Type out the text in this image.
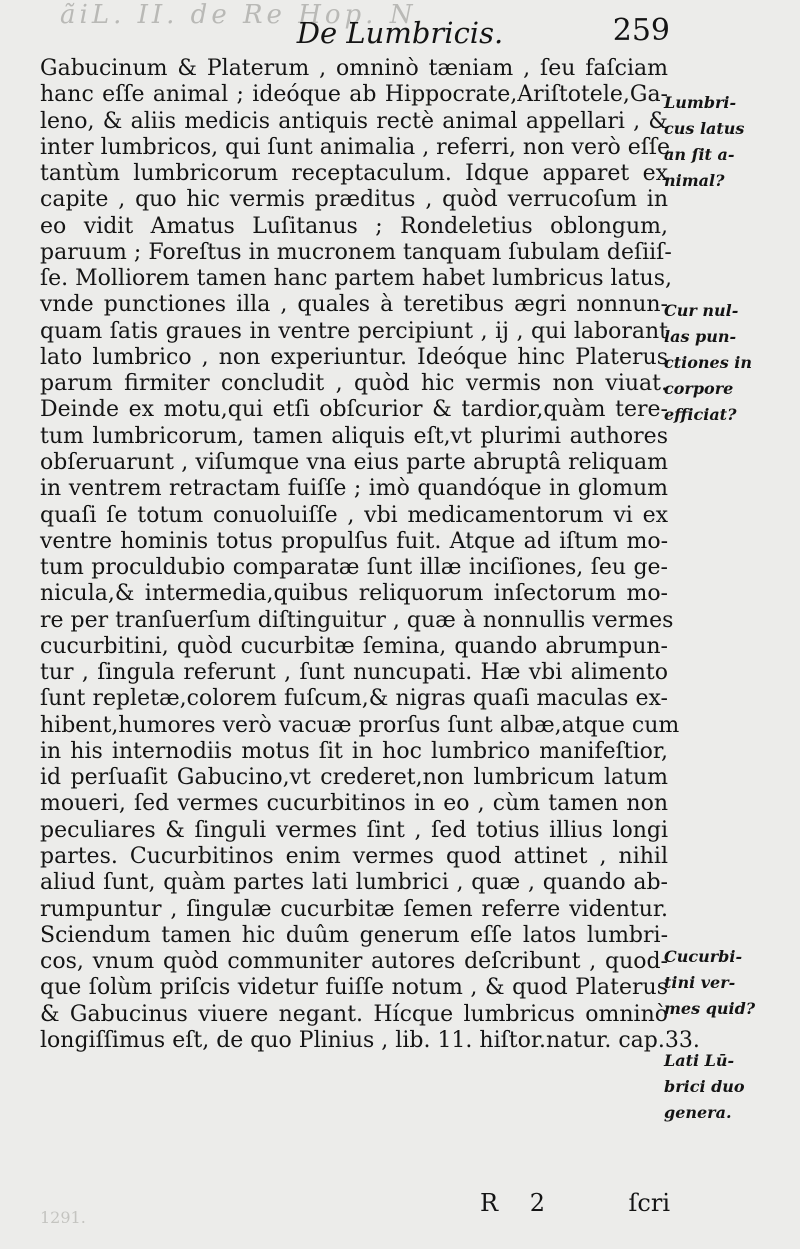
ãiL. II. de Re Hop. N.
De Lumbricis.	259
Gabucinum & Platerum , omninò tæniam , ſeu faſciam
hanc eſſe animal ; ideóque ab Hippocrate,Ariſtotele,Ga-
leno, & aliis medicis antiquis rectè animal appellari , &
inter lumbricos, qui ſunt animalia , referri, non verò eſſe
tantùm lumbricorum receptaculum. Idque apparet ex
capite , quo hic vermis præditus , quòd verrucoſum in
eo vidit Amatus Luſitanus ; Rondeletius oblongum,
paruum ; Foreſtus in mucronem tanquam ſubulam deſiiſ-
ſe. Molliorem tamen hanc partem habet lumbricus latus,
vnde punctiones illa , quales à teretibus ægri nonnun-
quam ſatis graues in ventre percipiunt , ij , qui laborant
lato lumbrico , non experiuntur. Ideóque hinc Platerus
parum firmiter concludit , quòd hic vermis non viuat.
Deinde ex motu,qui etſi obſcurior & tardior,quàm tere-
tum lumbricorum, tamen aliquis eſt,vt plurimi authores
obſeruarunt , viſumque vna eius parte abruptâ reliquam
in ventrem retractam fuiſſe ; imò quandóque in glomum
quaſi ſe totum conuoluiſſe , vbi medicamentorum vi ex
ventre hominis totus propulſus fuit. Atque ad iſtum mo-
tum proculdubio comparatæ ſunt illæ inciſiones, ſeu ge-
nicula,& intermedia,quibus reliquorum inſectorum mo-
re per tranſuerſum diſtinguitur , quæ à nonnullis vermes
cucurbitini, quòd cucurbitæ ſemina, quando abrumpun-
tur , ſingula referunt , ſunt nuncupati. Hæ vbi alimento
ſunt repletæ,colorem fuſcum,& nigras quaſi maculas ex-
hibent,humores verò vacuæ prorſus ſunt albæ,atque cum
in his internodiis motus ſit in hoc lumbrico manifeſtior,
id perſuaſit Gabucino,vt crederet,non lumbricum latum
moueri, ſed vermes cucurbitinos in eo , cùm tamen non
peculiares & ſinguli vermes ſint , ſed totius illius longi
partes. Cucurbitinos enim vermes quod attinet , nihil
aliud ſunt, quàm partes lati lumbrici , quæ , quando ab-
rumpuntur , ſingulæ cucurbitæ ſemen referre videntur.
Sciendum tamen hic duûm generum eſſe latos lumbri-
cos, vnum quòd communiter autores deſcribunt , quod-
que ſolùm priſcis videtur fuiſſe notum , & quod Platerus
& Gabucinus viuere negant. Hícque lumbricus omninò
longiſſimus eſt, de quo Plinius , lib. 11. hiſtor.natur. cap.33.
Lumbri-
cus latus
an ſit a-
nimal?
Cur nul-
las pun-
ctiones in
corpore
efficiat?
Cucurbi-
tini ver-
mes quid?
Lati Lū-
brici duo
genera.
R 2	ſcri
1291.
